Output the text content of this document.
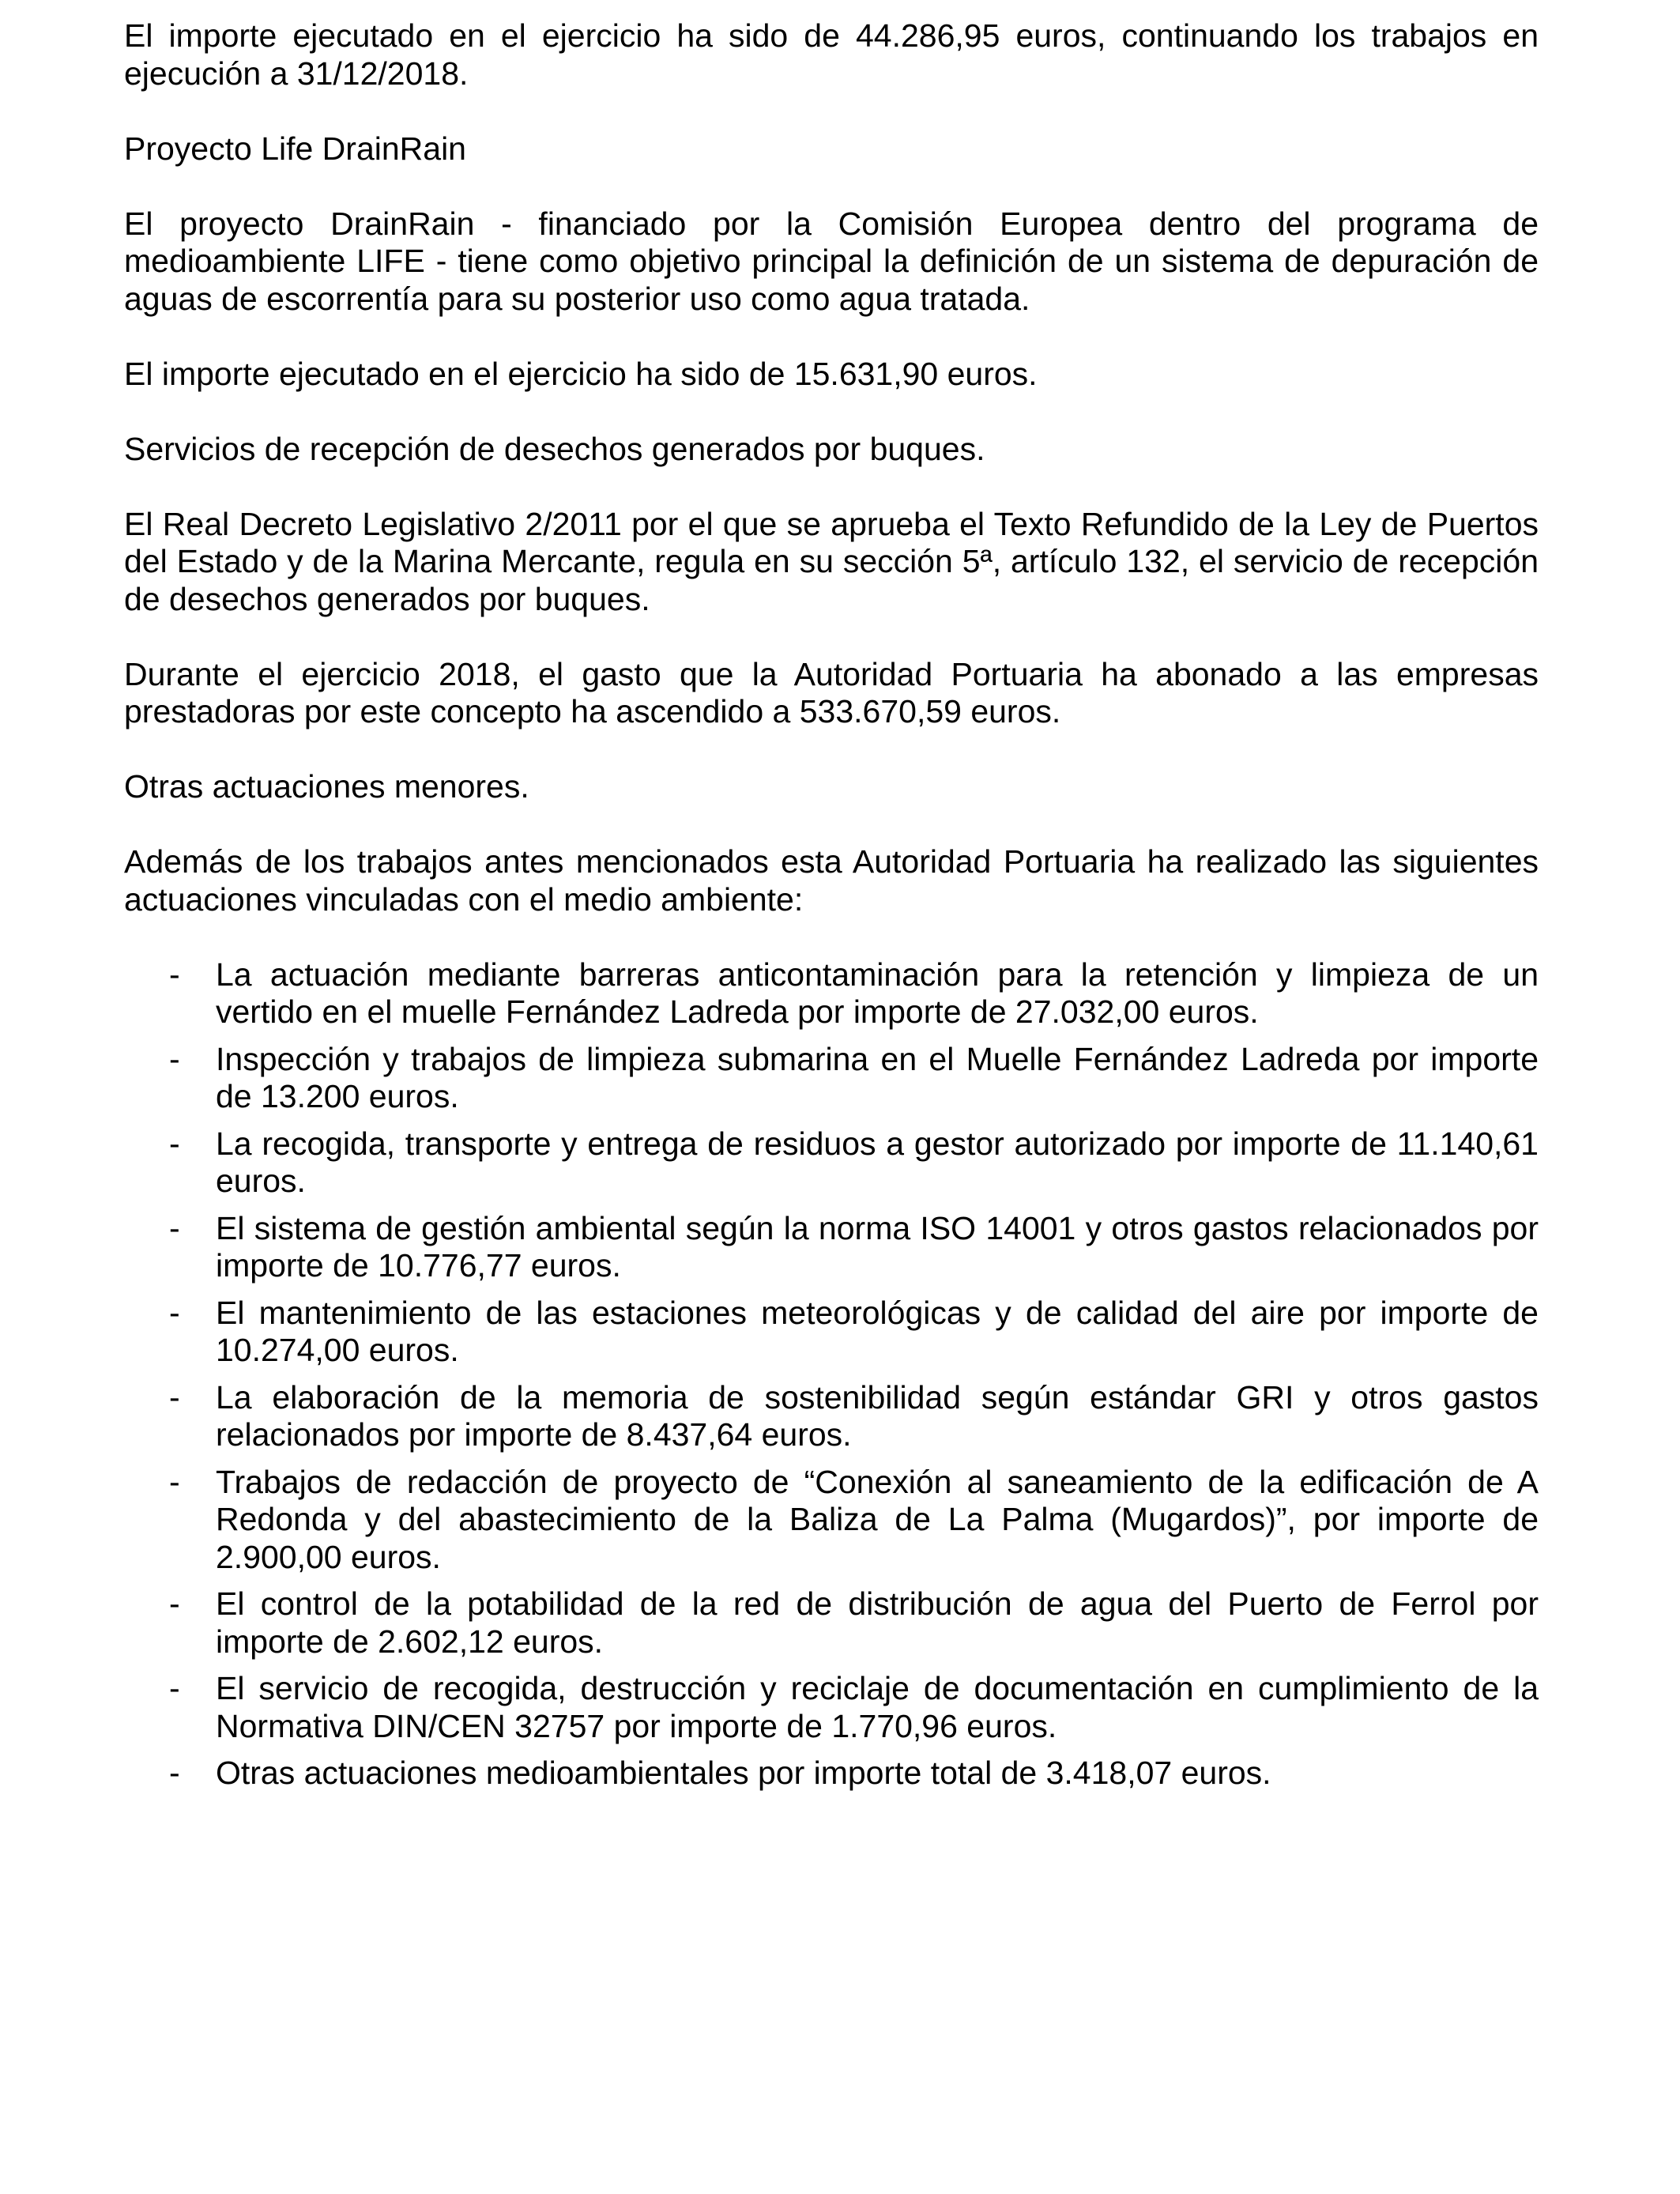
El importe ejecutado en el ejercicio ha sido de 44.286,95 euros, continuando los trabajos en ejecución a 31/12/2018.

Proyecto Life DrainRain

El proyecto DrainRain - financiado por la Comisión Europea dentro del programa de medioambiente LIFE - tiene como objetivo principal la definición de un sistema de depuración de aguas de escorrentía para su posterior uso como agua tratada.

El importe ejecutado en el ejercicio ha sido de 15.631,90 euros.

Servicios de recepción de desechos generados por buques.

El Real Decreto Legislativo 2/2011 por el que se aprueba el Texto Refundido de la Ley de Puertos del Estado y de la Marina Mercante, regula en su sección 5ª, artículo 132, el servicio de recepción de desechos generados por buques.

Durante el ejercicio 2018, el gasto que la Autoridad Portuaria ha abonado a las empresas prestadoras por este concepto ha ascendido a 533.670,59 euros.

Otras actuaciones menores.

Además de los trabajos antes mencionados esta Autoridad Portuaria ha realizado las siguientes actuaciones vinculadas con el medio ambiente:

- La actuación mediante barreras anticontaminación para la retención y limpieza de un vertido en el muelle Fernández Ladreda por importe de 27.032,00 euros.
- Inspección y trabajos de limpieza submarina en el Muelle Fernández Ladreda por importe de 13.200 euros.
- La recogida, transporte y entrega de residuos a gestor autorizado por importe de 11.140,61 euros.
- El sistema de gestión ambiental según la norma ISO 14001 y otros gastos relacionados por importe de 10.776,77 euros.
- El mantenimiento de las estaciones meteorológicas y de calidad del aire por importe de 10.274,00 euros.
- La elaboración de la memoria de sostenibilidad según estándar GRI y otros gastos relacionados por importe de 8.437,64 euros.
- Trabajos de redacción de proyecto de “Conexión al saneamiento de la edificación de A Redonda y del abastecimiento de la Baliza de La Palma (Mugardos)”, por importe de 2.900,00 euros.
- El control de la potabilidad de la red de distribución de agua del Puerto de Ferrol por importe de 2.602,12 euros.
- El servicio de recogida, destrucción y reciclaje de documentación en cumplimiento de la Normativa DIN/CEN 32757 por importe de 1.770,96 euros.
- Otras actuaciones medioambientales por importe total de 3.418,07 euros.
